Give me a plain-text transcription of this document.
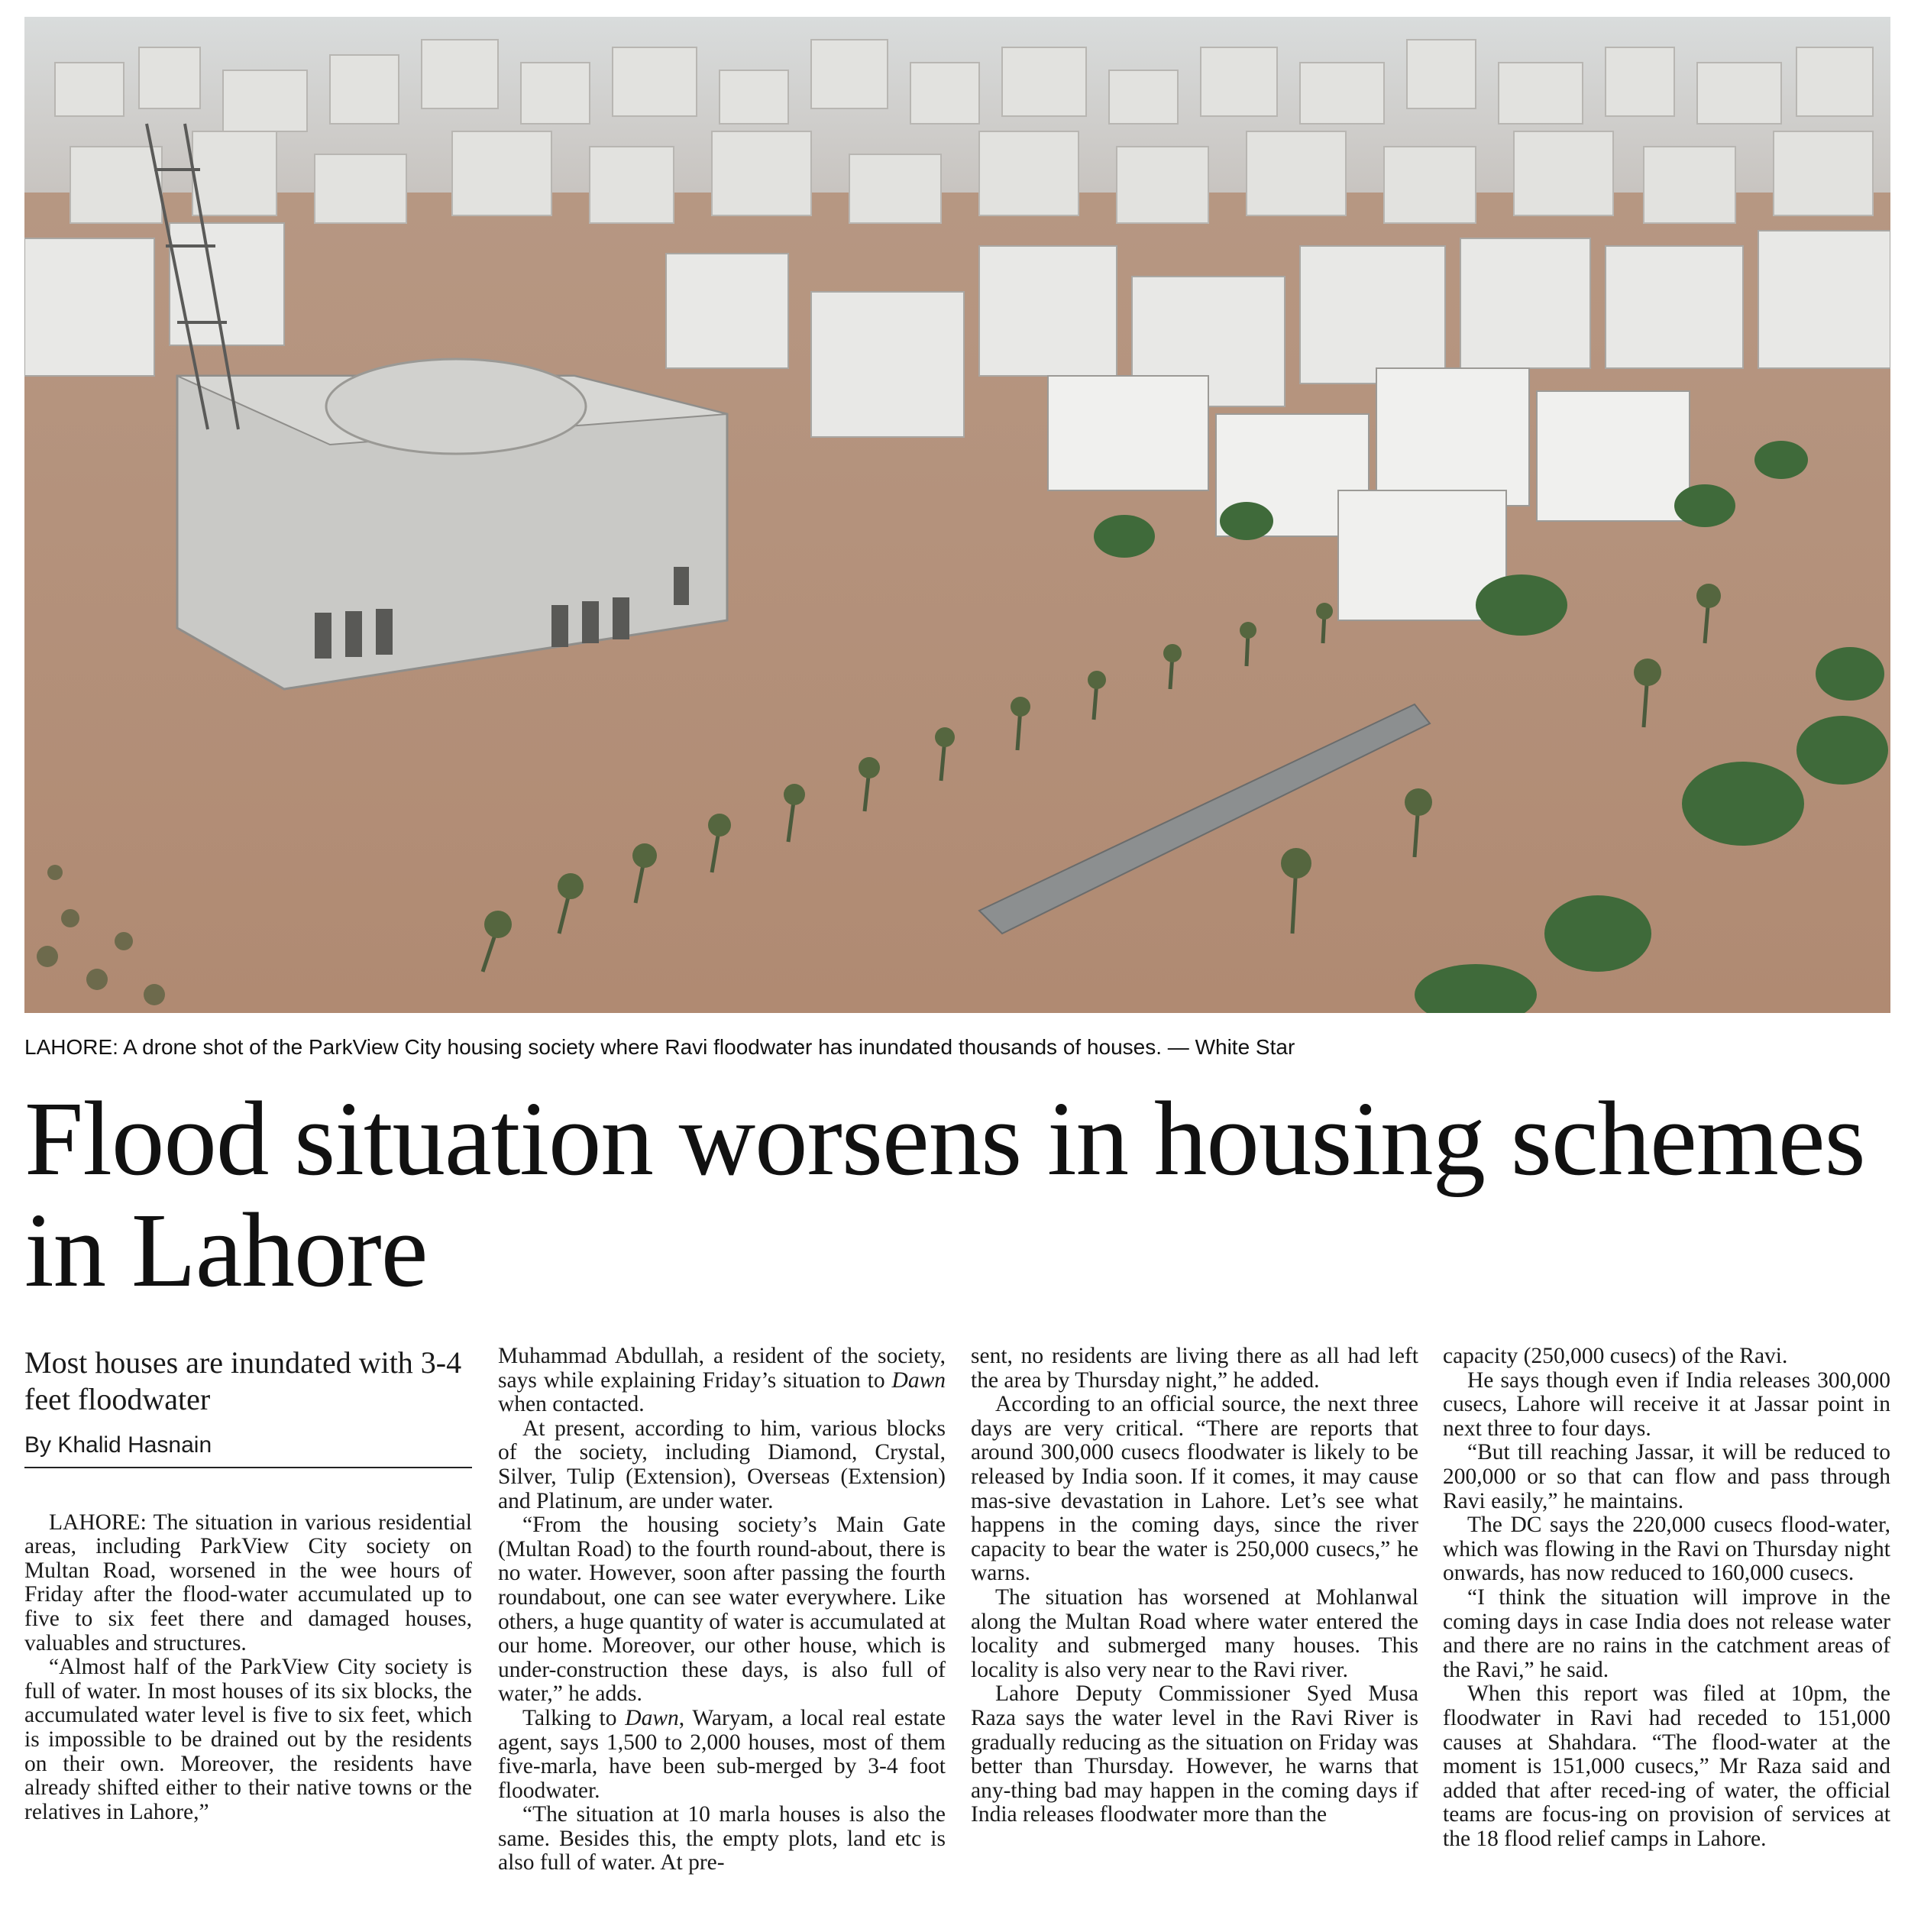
LAHORE: A drone shot of the ParkView City housing society where Ravi floodwater has inundated thousands of houses. — White Star
Flood situation worsens in housing schemes in Lahore
Most houses are inundated with 3-4 feet floodwater
By Khalid Hasnain

LAHORE: The situation in various residential areas, including ParkView City society on Multan Road, worsened in the wee hours of Friday after the flood-water accumulated up to five to six feet there and damaged houses, valuables and structures.

“Almost half of the ParkView City society is full of water. In most houses of its six blocks, the accumulated water level is five to six feet, which is impossible to be drained out by the residents on their own. Moreover, the residents have already shifted either to their native towns or the relatives in Lahore,”

Muhammad Abdullah, a resident of the society, says while explaining Friday’s situation to Dawn when contacted.

At present, according to him, various blocks of the society, including Diamond, Crystal, Silver, Tulip (Extension), Overseas (Extension) and Platinum, are under water.

“From the housing society’s Main Gate (Multan Road) to the fourth round-about, there is no water. However, soon after passing the fourth roundabout, one can see water everywhere. Like others, a huge quantity of water is accumulated at our home. Moreover, our other house, which is under-construction these days, is also full of water,” he adds.

Talking to Dawn, Waryam, a local real estate agent, says 1,500 to 2,000 houses, most of them five-marla, have been sub-merged by 3-4 foot floodwater.

“The situation at 10 marla houses is also the same. Besides this, the empty plots, land etc is also full of water. At pre-

sent, no residents are living there as all had left the area by Thursday night,” he added.

According to an official source, the next three days are very critical. “There are reports that around 300,000 cusecs floodwater is likely to be released by India soon. If it comes, it may cause mas-sive devastation in Lahore. Let’s see what happens in the coming days, since the river capacity to bear the water is 250,000 cusecs,” he warns.

The situation has worsened at Mohlanwal along the Multan Road where water entered the locality and submerged many houses. This locality is also very near to the Ravi river.

Lahore Deputy Commissioner Syed Musa Raza says the water level in the Ravi River is gradually reducing as the situation on Friday was better than Thursday. However, he warns that any-thing bad may happen in the coming days if India releases floodwater more than the

capacity (250,000 cusecs) of the Ravi.

He says though even if India releases 300,000 cusecs, Lahore will receive it at Jassar point in next three to four days.

“But till reaching Jassar, it will be reduced to 200,000 or so that can flow and pass through Ravi easily,” he maintains.

The DC says the 220,000 cusecs flood-water, which was flowing in the Ravi on Thursday night onwards, has now reduced to 160,000 cusecs.

“I think the situation will improve in the coming days in case India does not release water and there are no rains in the catchment areas of the Ravi,” he said.

When this report was filed at 10pm, the floodwater in Ravi had receded to 151,000 causes at Shahdara. “The flood-water at the moment is 151,000 cusecs,” Mr Raza said and added that after reced-ing of water, the official teams are focus-ing on provision of services at the 18 flood relief camps in Lahore.
